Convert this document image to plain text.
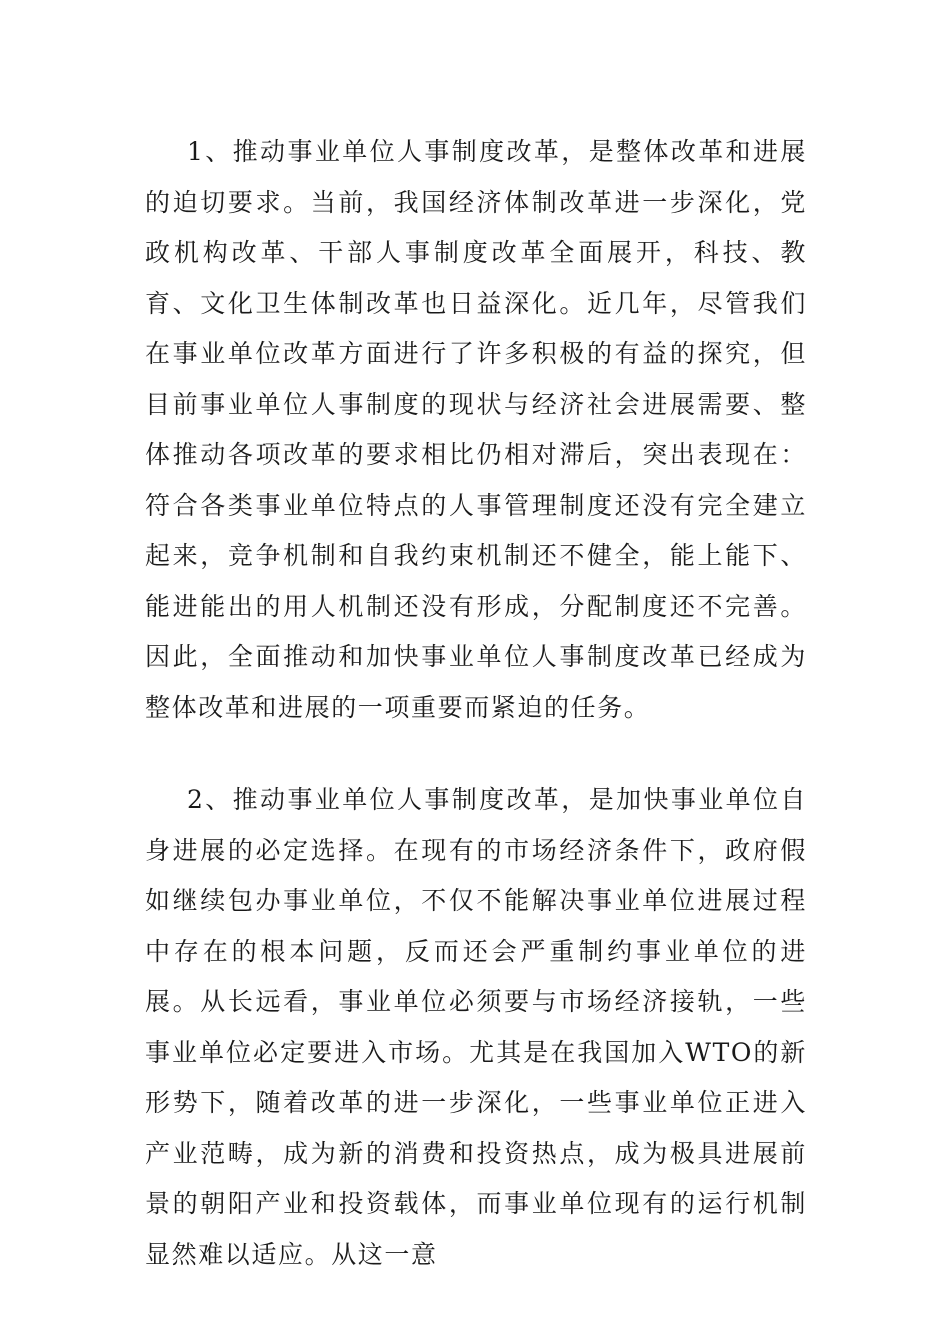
1、推动事业单位人事制度改革，是整体改革和进展的迫切要求。当前，我国经济体制改革进一步深化，党政机构改革、干部人事制度改革全面展开，科技、教育、文化卫生体制改革也日益深化。近几年，尽管我们在事业单位改革方面进行了许多积极的有益的探究，但目前事业单位人事制度的现状与经济社会进展需要、整体推动各项改革的要求相比仍相对滞后，突出表现在：符合各类事业单位特点的人事管理制度还没有完全建立起来，竞争机制和自我约束机制还不健全，能上能下、能进能出的用人机制还没有形成，分配制度还不完善。因此，全面推动和加快事业单位人事制度改革已经成为整体改革和进展的一项重要而紧迫的任务。

2、推动事业单位人事制度改革，是加快事业单位自身进展的必定选择。在现有的市场经济条件下，政府假如继续包办事业单位，不仅不能解决事业单位进展过程中存在的根本问题，反而还会严重制约事业单位的进展。从长远看，事业单位必须要与市场经济接轨，一些事业单位必定要进入市场。尤其是在我国加入WTO的新形势下，随着改革的进一步深化，一些事业单位正进入产业范畴，成为新的消费和投资热点，成为极具进展前景的朝阳产业和投资载体，而事业单位现有的运行机制显然难以适应。从这一意
